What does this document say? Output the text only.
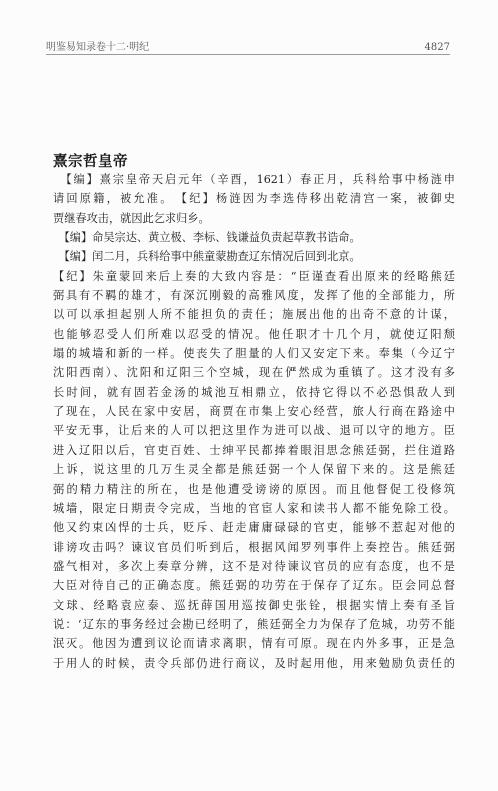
明鉴易知录卷十二·明纪	4827
熹宗哲皇帝
　【编】熹宗皇帝天启元年（辛酉，1621）春正月，兵科给事中杨涟申
请回原籍，被允准。　【纪】杨涟因为李选侍移出乾清宫一案，被御史
贾继春攻击，就因此乞求归乡。
　【编】命吴宗达、黄立极、李标、钱谦益负责起草教书诰命。
　【编】闰二月，兵科给事中熊童蒙勘查辽东情况后回到北京。
【纪】朱童蒙回来后上奏的大致内容是：“臣谨查看出原来的经略熊廷
弼具有不羁的雄才，有深沉刚毅的高雅风度，发挥了他的全部能力，所
以可以承担起别人所不能担负的责任；施展出他的出奇不意的计谋，
也能够忍受人们所难以忍受的情况。他任职才十几个月，就使辽阳颓
塌的城墙和新的一样。使丧失了胆量的人们又安定下来。奉集（今辽宁
沈阳西南）、沈阳和辽阳三个空城，现在俨然成为重镇了。这才没有多
长时间，就有固若金汤的城池互相鼎立，依持它得以不必恐惧敌人到
了现在，人民在家中安居，商贾在市集上安心经营，旅人行商在路途中
平安无事，让后来的人可以把这里作为进可以战、退可以守的地方。臣
进入辽阳以后，官吏百姓、士绅平民都捧着眼泪思念熊廷弼，拦住道路
上诉，说这里的几万生灵全都是熊廷弼一个人保留下来的。这是熊廷
弼的精力精注的所在，也是他遭受谤谤的原因。而且他督促工役修筑
城墙，限定日期责令完成，当地的官宦人家和读书人都不能免除工役。
他又约束凶悍的士兵，贬斥、赶走庸庸碌碌的官吏，能够不惹起对他的
诽谤攻击吗？谏议官员们听到后，根据风闻罗列事件上奏控告。熊廷弼
盛气相对，多次上奏章分辨，这不是对待谏议官员的应有态度，也不是
大臣对待自己的正确态度。熊廷弼的功劳在于保存了辽东。臣会同总督
文球、经略袁应泰、巡抚薛国用巡按御史张铨，根据实情上奏有圣旨
说：‘辽东的事务经过会勘已经明了，熊廷弼全力为保存了危城，功劳不能
泯灭。他因为遭到议论而请求离职，情有可原。现在内外多事，正是急
于用人的时候，责令兵部仍进行商议，及时起用他，用来勉励负责任的
